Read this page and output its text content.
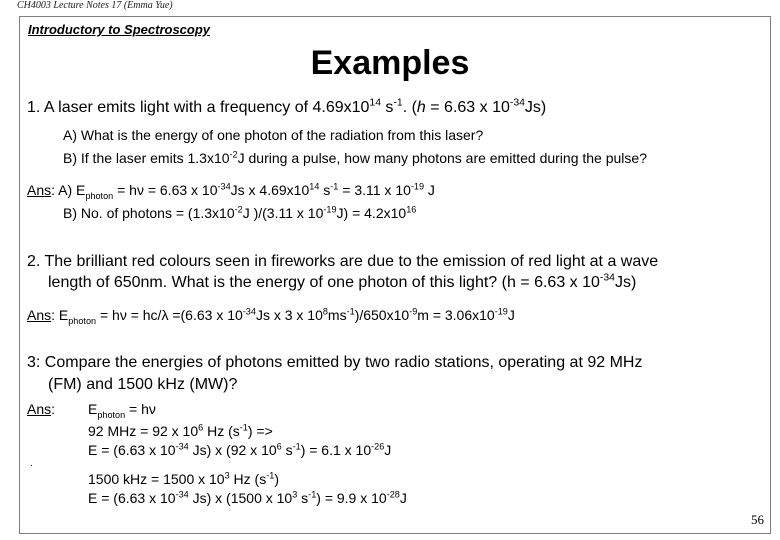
CH4003 Lecture Notes 17 (Emma Yue)
Introductory to Spectroscopy
Examples
1. A laser emits light with a frequency of $4.69x10^{14}$ $s^{-1}$. (h = 6.63 x $10^{-34}Js$)
A) What is the energy of one photon of the radiation from this laser?
B) If the laser emits $1.3x10^{-2}J$ during a pulse, how many photons are emitted during the pulse?
Ans: A) $E_{photon} = h\nu = 6.63$ x $10^{-34}Js$ x $4.69x10^{14}$ $s^{-1} = 3.11$ x $10^{-19}$ J
B) No. of photons = ($1.3x10^{-2}J$ )/(3.11 x $10^{-19}J) = 4.2x10^{16}$
2. The brilliant red colours seen in fireworks are due to the emission of red light at a wave
length of 650nm. What is the energy of one photon of this light? (h = 6.63 x $10^{-34}Js$)
Ans: $E_{photon} = h\nu = hc/\lambda =(6.63$ x $10^{-34}Js$ x 3 x $10^8ms^{-1})/650x10^{-9}m = 3.06x10^{-19}J$
3: Compare the energies of photons emitted by two radio stations, operating at 92 MHz
(FM) and 1500 kHz (MW)?
Ans: $E_{photon} = h\nu$
92 MHz = 92 x $10^6$ Hz $(s^{-1})$ =>
E = (6.63 x $10^{-34}$ Js) x (92 x $10^6$ $s^{-1}) = 6.1$ x $10^{-26}J$
.
1500 kHz = 1500 x $10^3$ Hz $(s^{-1})$
E = (6.63 x $10^{-34}$ Js) x (1500 x $10^3$ $s^{-1}) = 9.9$ x $10^{-28}J$
56
